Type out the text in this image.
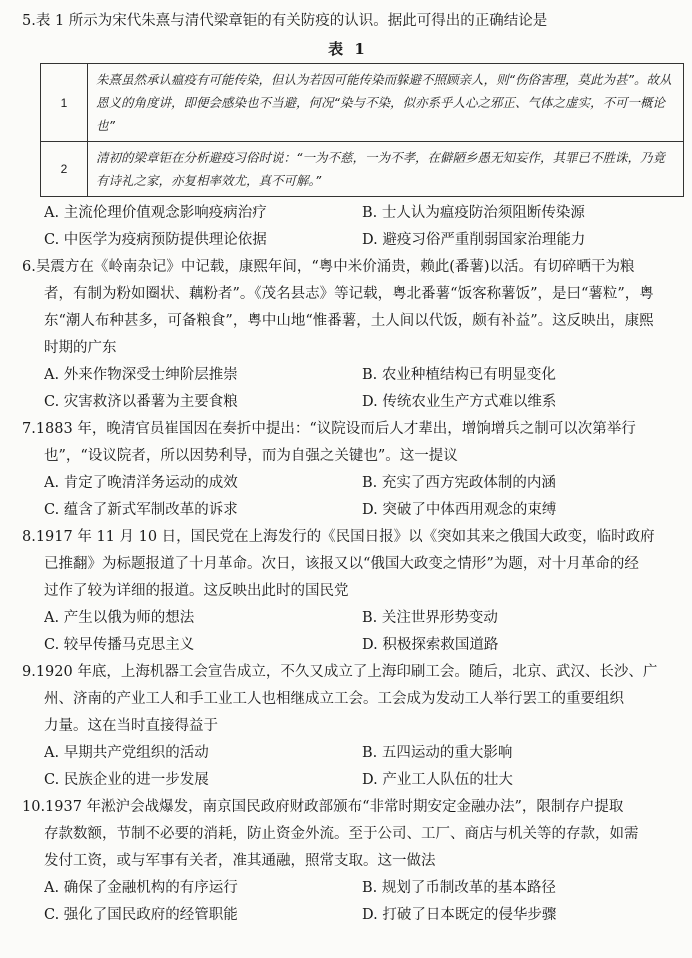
5.表 1 所示为宋代朱熹与清代梁章钜的有关防疫的认识。据此可得出的正确结论是

表 1

1	朱熹虽然承认瘟疫有可能传染，但认为若因可能传染而躲避不照顾亲人，则“伤俗害理，莫此为甚”。故从恩义的角度讲，即便会感染也不当避，何况“染与不染，似亦系乎人心之邪正、气体之虚实，不可一概论也”
2	清初的梁章钜在分析避疫习俗时说：“一为不慈，一为不孝，在僻陋乡愚无知妄作，其罪已不胜诛，乃竟有诗礼之家，亦复相率效尤，真不可解。”
A. 主流伦理价值观念影响疫病治疗	B. 士人认为瘟疫防治须阻断传染源
C. 中医学为疫病预防提供理论依据	D. 避疫习俗严重削弱国家治理能力

6.吴震方在《岭南杂记》中记载，康熙年间，“粤中米价涌贵，赖此(番薯)以活。有切碎晒干为粮

者，有制为粉如圈状、藕粉者”。《茂名县志》等记载，粤北番薯“饭客称薯饭”，是曰“薯粒”，粤

东“潮人布种甚多，可备粮食”，粤中山地“惟番薯，土人间以代饭，颇有补益”。这反映出，康熙

时期的广东

A. 外来作物深受士绅阶层推崇	B. 农业种植结构已有明显变化
C. 灾害救济以番薯为主要食粮	D. 传统农业生产方式难以维系

7.1883 年，晚清官员崔国因在奏折中提出：“议院设而后人才辈出，增饷增兵之制可以次第举行

也”，“设议院者，所以因势利导，而为自强之关键也”。这一提议

A. 肯定了晚清洋务运动的成效	B. 充实了西方宪政体制的内涵
C. 蕴含了新式军制改革的诉求	D. 突破了中体西用观念的束缚

8.1917 年 11 月 10 日，国民党在上海发行的《民国日报》以《突如其来之俄国大政变，临时政府

已推翻》为标题报道了十月革命。次日，该报又以“俄国大政变之情形”为题，对十月革命的经

过作了较为详细的报道。这反映出此时的国民党

A. 产生以俄为师的想法	B. 关注世界形势变动
C. 较早传播马克思主义	D. 积极探索救国道路

9.1920 年底，上海机器工会宣告成立，不久又成立了上海印刷工会。随后，北京、武汉、长沙、广

州、济南的产业工人和手工业工人也相继成立工会。工会成为发动工人举行罢工的重要组织

力量。这在当时直接得益于

A. 早期共产党组织的活动	B. 五四运动的重大影响
C. 民族企业的进一步发展	D. 产业工人队伍的壮大

10.1937 年淞沪会战爆发，南京国民政府财政部颁布“非常时期安定金融办法”，限制存户提取

存款数额，节制不必要的消耗，防止资金外流。至于公司、工厂、商店与机关等的存款，如需

发付工资，或与军事有关者，准其通融，照常支取。这一做法

A. 确保了金融机构的有序运行	B. 规划了币制改革的基本路径
C. 强化了国民政府的经管职能	D. 打破了日本既定的侵华步骤
